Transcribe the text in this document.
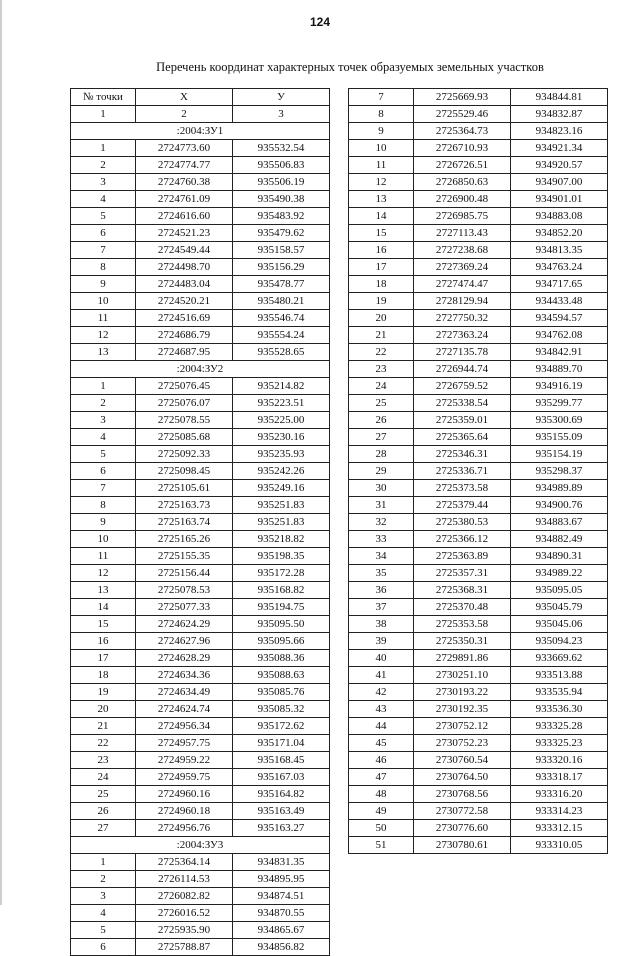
124
Перечень координат характерных точек образуемых земельных участков
№ точки	X	У
1	2	3
:2004:ЗУ1		
1	2724773.60	935532.54
2	2724774.77	935506.83
3	2724760.38	935506.19
4	2724761.09	935490.38
5	2724616.60	935483.92
6	2724521.23	935479.62
7	2724549.44	935158.57
8	2724498.70	935156.29
9	2724483.04	935478.77
10	2724520.21	935480.21
11	2724516.69	935546.74
12	2724686.79	935554.24
13	2724687.95	935528.65
:2004:ЗУ2		
1	2725076.45	935214.82
2	2725076.07	935223.51
3	2725078.55	935225.00
4	2725085.68	935230.16
5	2725092.33	935235.93
6	2725098.45	935242.26
7	2725105.61	935249.16
8	2725163.73	935251.83
9	2725163.74	935251.83
10	2725165.26	935218.82
11	2725155.35	935198.35
12	2725156.44	935172.28
13	2725078.53	935168.82
14	2725077.33	935194.75
15	2724624.29	935095.50
16	2724627.96	935095.66
17	2724628.29	935088.36
18	2724634.36	935088.63
19	2724634.49	935085.76
20	2724624.74	935085.32
21	2724956.34	935172.62
22	2724957.75	935171.04
23	2724959.22	935168.45
24	2724959.75	935167.03
25	2724960.16	935164.82
26	2724960.18	935163.49
27	2724956.76	935163.27
:2004:ЗУ3		
1	2725364.14	934831.35
2	2726114.53	934895.95
3	2726082.82	934874.51
4	2726016.52	934870.55
5	2725935.90	934865.67
6	2725788.87	934856.82
7	2725669.93	934844.81
8	2725529.46	934832.87
9	2725364.73	934823.16
10	2726710.93	934921.34
11	2726726.51	934920.57
12	2726850.63	934907.00
13	2726900.48	934901.01
14	2726985.75	934883.08
15	2727113.43	934852.20
16	2727238.68	934813.35
17	2727369.24	934763.24
18	2727474.47	934717.65
19	2728129.94	934433.48
20	2727750.32	934594.57
21	2727363.24	934762.08
22	2727135.78	934842.91
23	2726944.74	934889.70
24	2726759.52	934916.19
25	2725338.54	935299.77
26	2725359.01	935300.69
27	2725365.64	935155.09
28	2725346.31	935154.19
29	2725336.71	935298.37
30	2725373.58	934989.89
31	2725379.44	934900.76
32	2725380.53	934883.67
33	2725366.12	934882.49
34	2725363.89	934890.31
35	2725357.31	934989.22
36	2725368.31	935095.05
37	2725370.48	935045.79
38	2725353.58	935045.06
39	2725350.31	935094.23
40	2729891.86	933669.62
41	2730251.10	933513.88
42	2730193.22	933535.94
43	2730192.35	933536.30
44	2730752.12	933325.28
45	2730752.23	933325.23
46	2730760.54	933320.16
47	2730764.50	933318.17
48	2730768.56	933316.20
49	2730772.58	933314.23
50	2730776.60	933312.15
51	2730780.61	933310.05
